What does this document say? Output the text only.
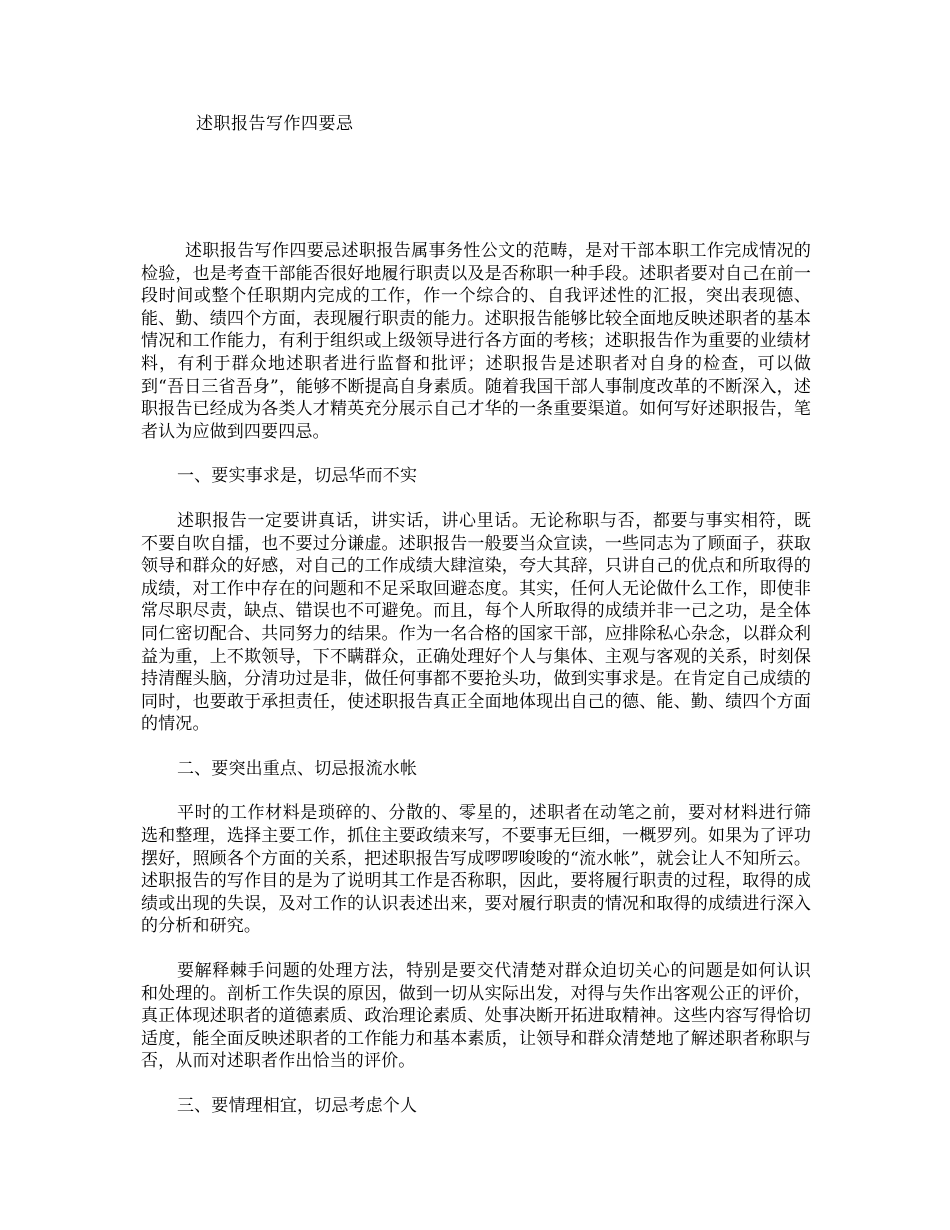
述职报告写作四要忌

述职报告写作四要忌述职报告属事务性公文的范畴，是对干部本职工作完成情况的检验，也是考查干部能否很好地履行职责以及是否称职一种手段。述职者要对自己在前一段时间或整个任职期内完成的工作，作一个综合的、自我评述性的汇报，突出表现德、能、勤、绩四个方面，表现履行职责的能力。述职报告能够比较全面地反映述职者的基本情况和工作能力，有利于组织或上级领导进行各方面的考核；述职报告作为重要的业绩材料，有利于群众地述职者进行监督和批评；述职报告是述职者对自身的检查，可以做到“吾日三省吾身”，能够不断提高自身素质。随着我国干部人事制度改革的不断深入，述职报告已经成为各类人才精英充分展示自己才华的一条重要渠道。如何写好述职报告，笔者认为应做到四要四忌。

一、要实事求是，切忌华而不实

述职报告一定要讲真话，讲实话，讲心里话。无论称职与否，都要与事实相符，既不要自吹自擂，也不要过分谦虚。述职报告一般要当众宣读，一些同志为了顾面子，获取领导和群众的好感，对自己的工作成绩大肆渲染，夸大其辞，只讲自己的优点和所取得的成绩，对工作中存在的问题和不足采取回避态度。其实，任何人无论做什么工作，即使非常尽职尽责，缺点、错误也不可避免。而且，每个人所取得的成绩并非一己之功，是全体同仁密切配合、共同努力的结果。作为一名合格的国家干部，应排除私心杂念，以群众利益为重，上不欺领导，下不瞒群众，正确处理好个人与集体、主观与客观的关系，时刻保持清醒头脑，分清功过是非，做任何事都不要抢头功，做到实事求是。在肯定自己成绩的同时，也要敢于承担责任，使述职报告真正全面地体现出自己的德、能、勤、绩四个方面的情况。

二、要突出重点、切忌报流水帐

平时的工作材料是琐碎的、分散的、零星的，述职者在动笔之前，要对材料进行筛选和整理，选择主要工作，抓住主要政绩来写，不要事无巨细，一概罗列。如果为了评功摆好，照顾各个方面的关系，把述职报告写成啰啰唆唆的“流水帐”，就会让人不知所云。述职报告的写作目的是为了说明其工作是否称职，因此，要将履行职责的过程，取得的成绩或出现的失误，及对工作的认识表述出来，要对履行职责的情况和取得的成绩进行深入的分析和研究。

要解释棘手问题的处理方法，特别是要交代清楚对群众迫切关心的问题是如何认识和处理的。剖析工作失误的原因，做到一切从实际出发，对得与失作出客观公正的评价，真正体现述职者的道德素质、政治理论素质、处事决断开拓进取精神。这些内容写得恰切适度，能全面反映述职者的工作能力和基本素质，让领导和群众清楚地了解述职者称职与否，从而对述职者作出恰当的评价。

三、要情理相宜，切忌考虑个人
